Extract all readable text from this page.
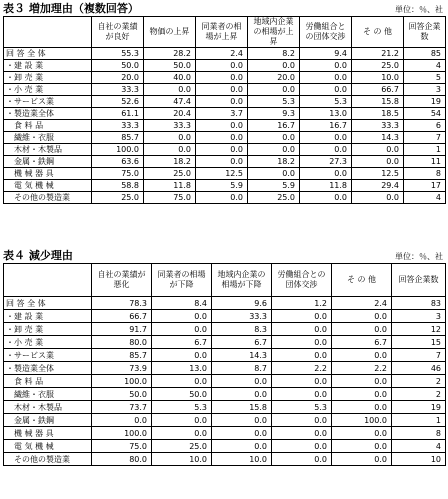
表３ 増加理由（複数回答）	単位：％、社
	自社の業績が良好	物価の上昇	同業者の相場が上昇	地域内企業の相場が上昇	労働組合との団体交渉	そ の 他	回答企業数
回 答 全 体	55.3	28.2	2.4	8.2	9.4	21.2	85
・建 設 業	50.0	50.0	0.0	0.0	0.0	25.0	4
・卸 売 業	20.0	40.0	0.0	20.0	0.0	10.0	5
・小 売 業	33.3	0.0	0.0	0.0	0.0	66.7	3
・サービス業	52.6	47.4	0.0	5.3	5.3	15.8	19
・製造業全体	61.1	20.4	3.7	9.3	13.0	18.5	54
食 料 品	33.3	33.3	0.0	16.7	16.7	33.3	6
繊維・衣服	85.7	0.0	0.0	0.0	0.0	14.3	7
木材・木製品	100.0	0.0	0.0	0.0	0.0	0.0	1
金属・鉄鋼	63.6	18.2	0.0	18.2	27.3	0.0	11
機 械 器 具	75.0	25.0	12.5	0.0	0.0	12.5	8
電 気 機 械	58.8	11.8	5.9	5.9	11.8	29.4	17
その他の製造業	25.0	75.0	0.0	25.0	0.0	0.0	4
表４ 減少理由	単位：％、社
	自社の業績が悪化	同業者の相場が下降	地域内企業の相場が下降	労働組合との団体交渉	そ の 他	回答企業数
回 答 全 体	78.3	8.4	9.6	1.2	2.4	83
・建 設 業	66.7	0.0	33.3	0.0	0.0	3
・卸 売 業	91.7	0.0	8.3	0.0	0.0	12
・小 売 業	80.0	6.7	6.7	0.0	6.7	15
・サービス業	85.7	0.0	14.3	0.0	0.0	7
・製造業全体	73.9	13.0	8.7	2.2	2.2	46
食 料 品	100.0	0.0	0.0	0.0	0.0	2
繊維・衣服	50.0	50.0	0.0	0.0	0.0	2
木材・木製品	73.7	5.3	15.8	5.3	0.0	19
金属・鉄鋼	0.0	0.0	0.0	0.0	100.0	1
機 械 器 具	100.0	0.0	0.0	0.0	0.0	8
電 気 機 械	75.0	25.0	0.0	0.0	0.0	4
その他の製造業	80.0	10.0	10.0	0.0	0.0	10
